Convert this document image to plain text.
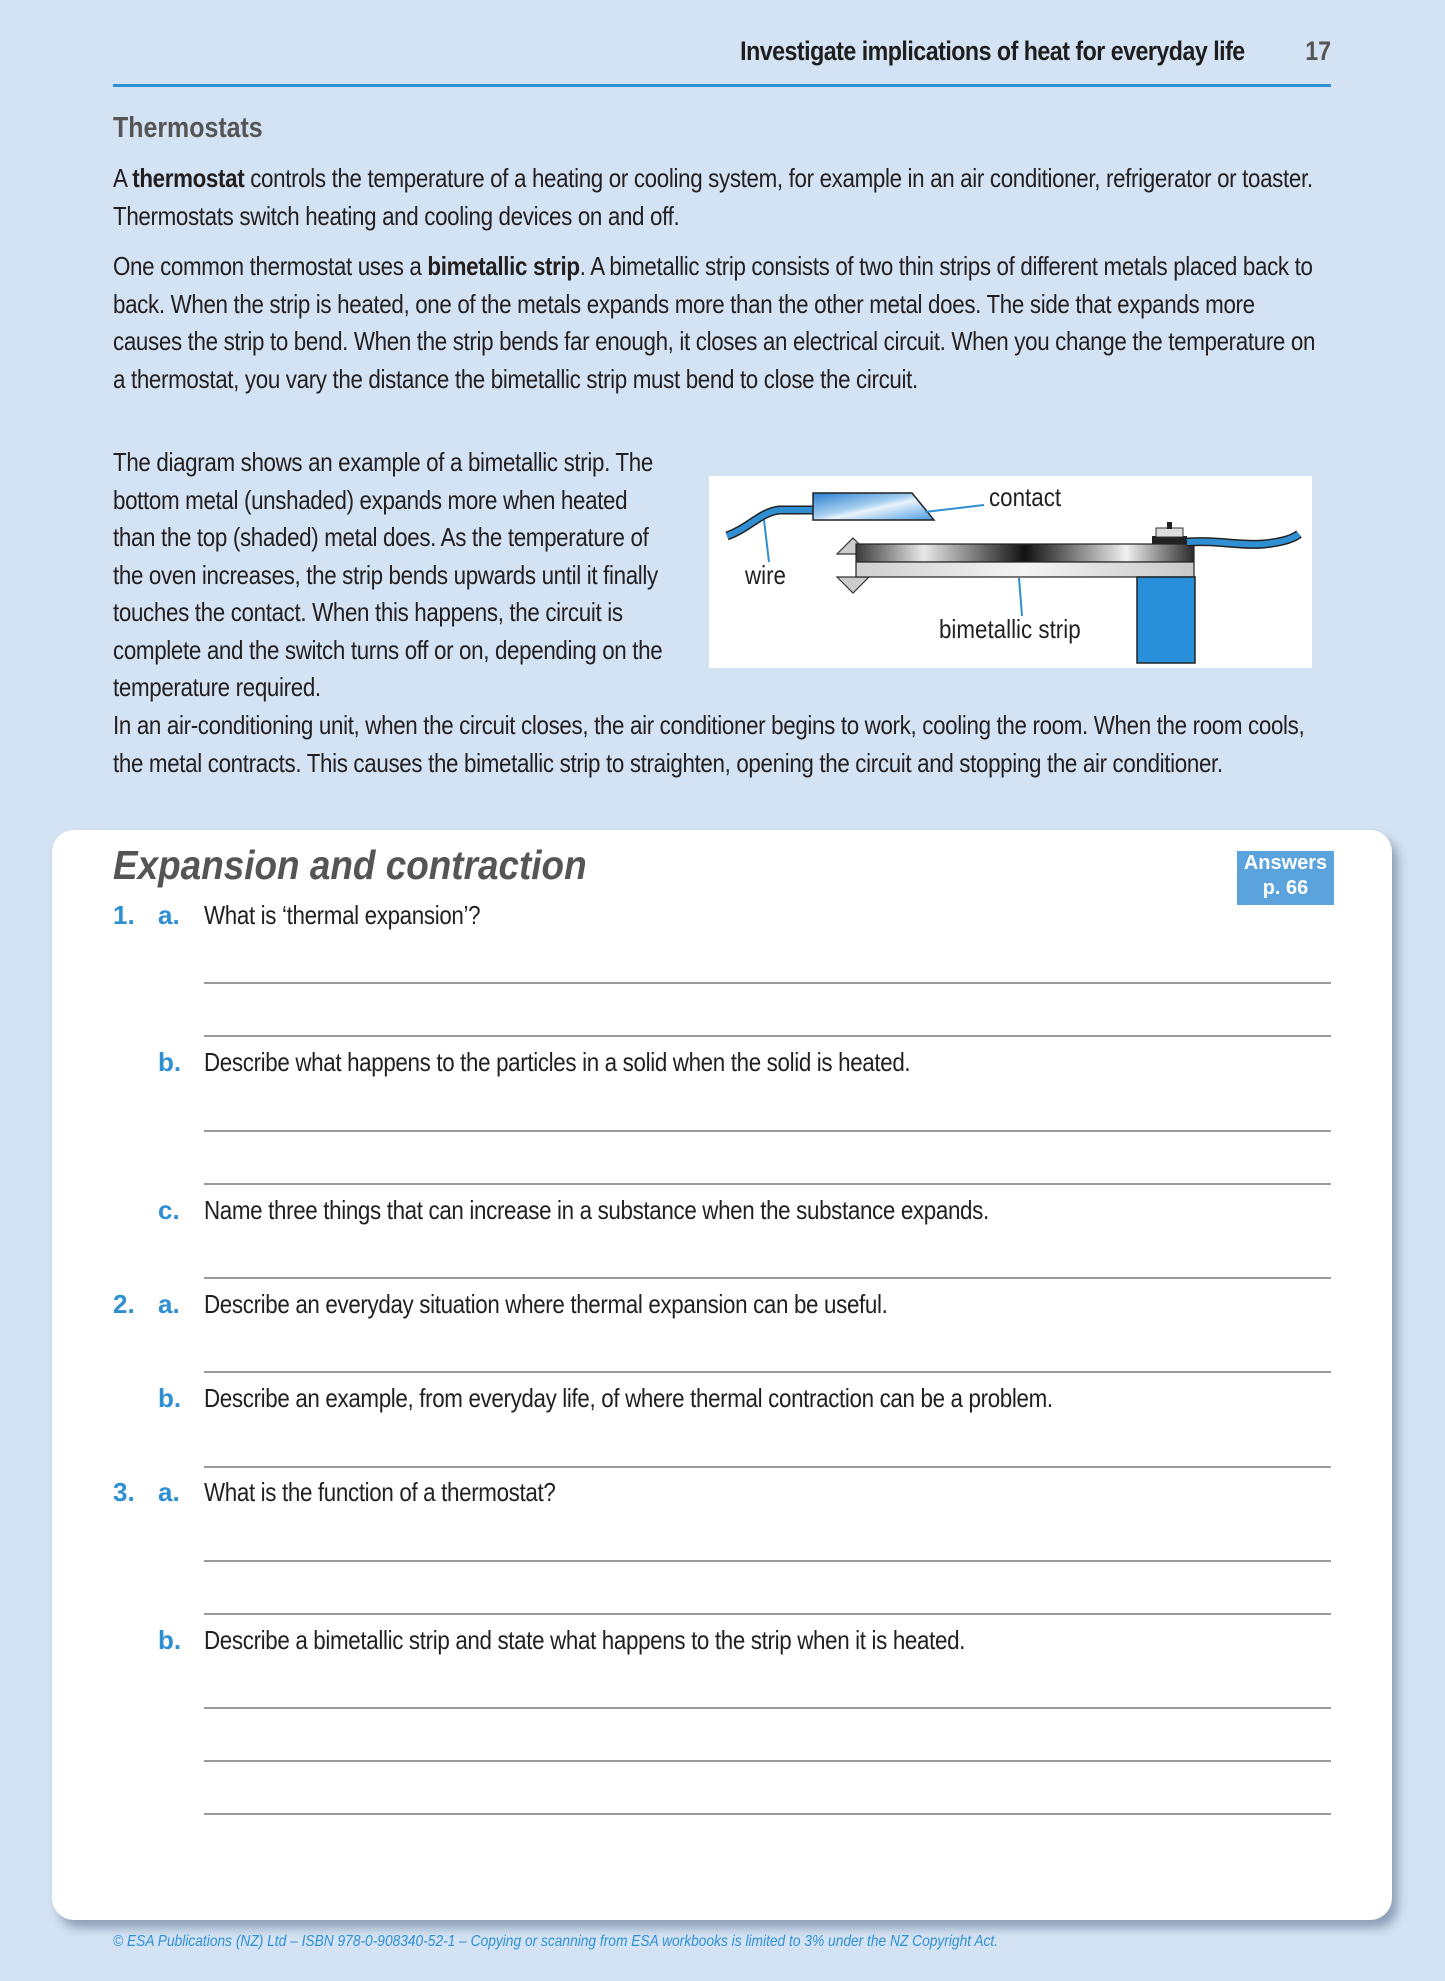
Investigate implications of heat for everyday life 17
Thermostats
A thermostat controls the temperature of a heating or cooling system, for example in an air conditioner, refrigerator or toaster. Thermostats switch heating and cooling devices on and off.
One common thermostat uses a bimetallic strip. A bimetallic strip consists of two thin strips of different metals placed back to back. When the strip is heated, one of the metals expands more than the other metal does. The side that expands more causes the strip to bend. When the strip bends far enough, it closes an electrical circuit. When you change the temperature on a thermostat, you vary the distance the bimetallic strip must bend to close the circuit.
The diagram shows an example of a bimetallic strip. The bottom metal (unshaded) expands more when heated than the top (shaded) metal does. As the temperature of the oven increases, the strip bends upwards until it finally touches the contact. When this happens, the circuit is complete and the switch turns off or on, depending on the temperature required.
contact
wire
bimetallic strip
In an air-conditioning unit, when the circuit closes, the air conditioner begins to work, cooling the room. When the room cools, the metal contracts. This causes the bimetallic strip to straighten, opening the circuit and stopping the air conditioner.
Expansion and contraction	Answers
p. 66
1. a. What is ‘thermal expansion’?
b. Describe what happens to the particles in a solid when the solid is heated.
c. Name three things that can increase in a substance when the substance expands.
2. a. Describe an everyday situation where thermal expansion can be useful.
b. Describe an example, from everyday life, of where thermal contraction can be a problem.
3. a. What is the function of a thermostat?
b. Describe a bimetallic strip and state what happens to the strip when it is heated.
© ESA Publications (NZ) Ltd – ISBN 978-0-908340-52-1 – Copying or scanning from ESA workbooks is limited to 3% under the NZ Copyright Act.
